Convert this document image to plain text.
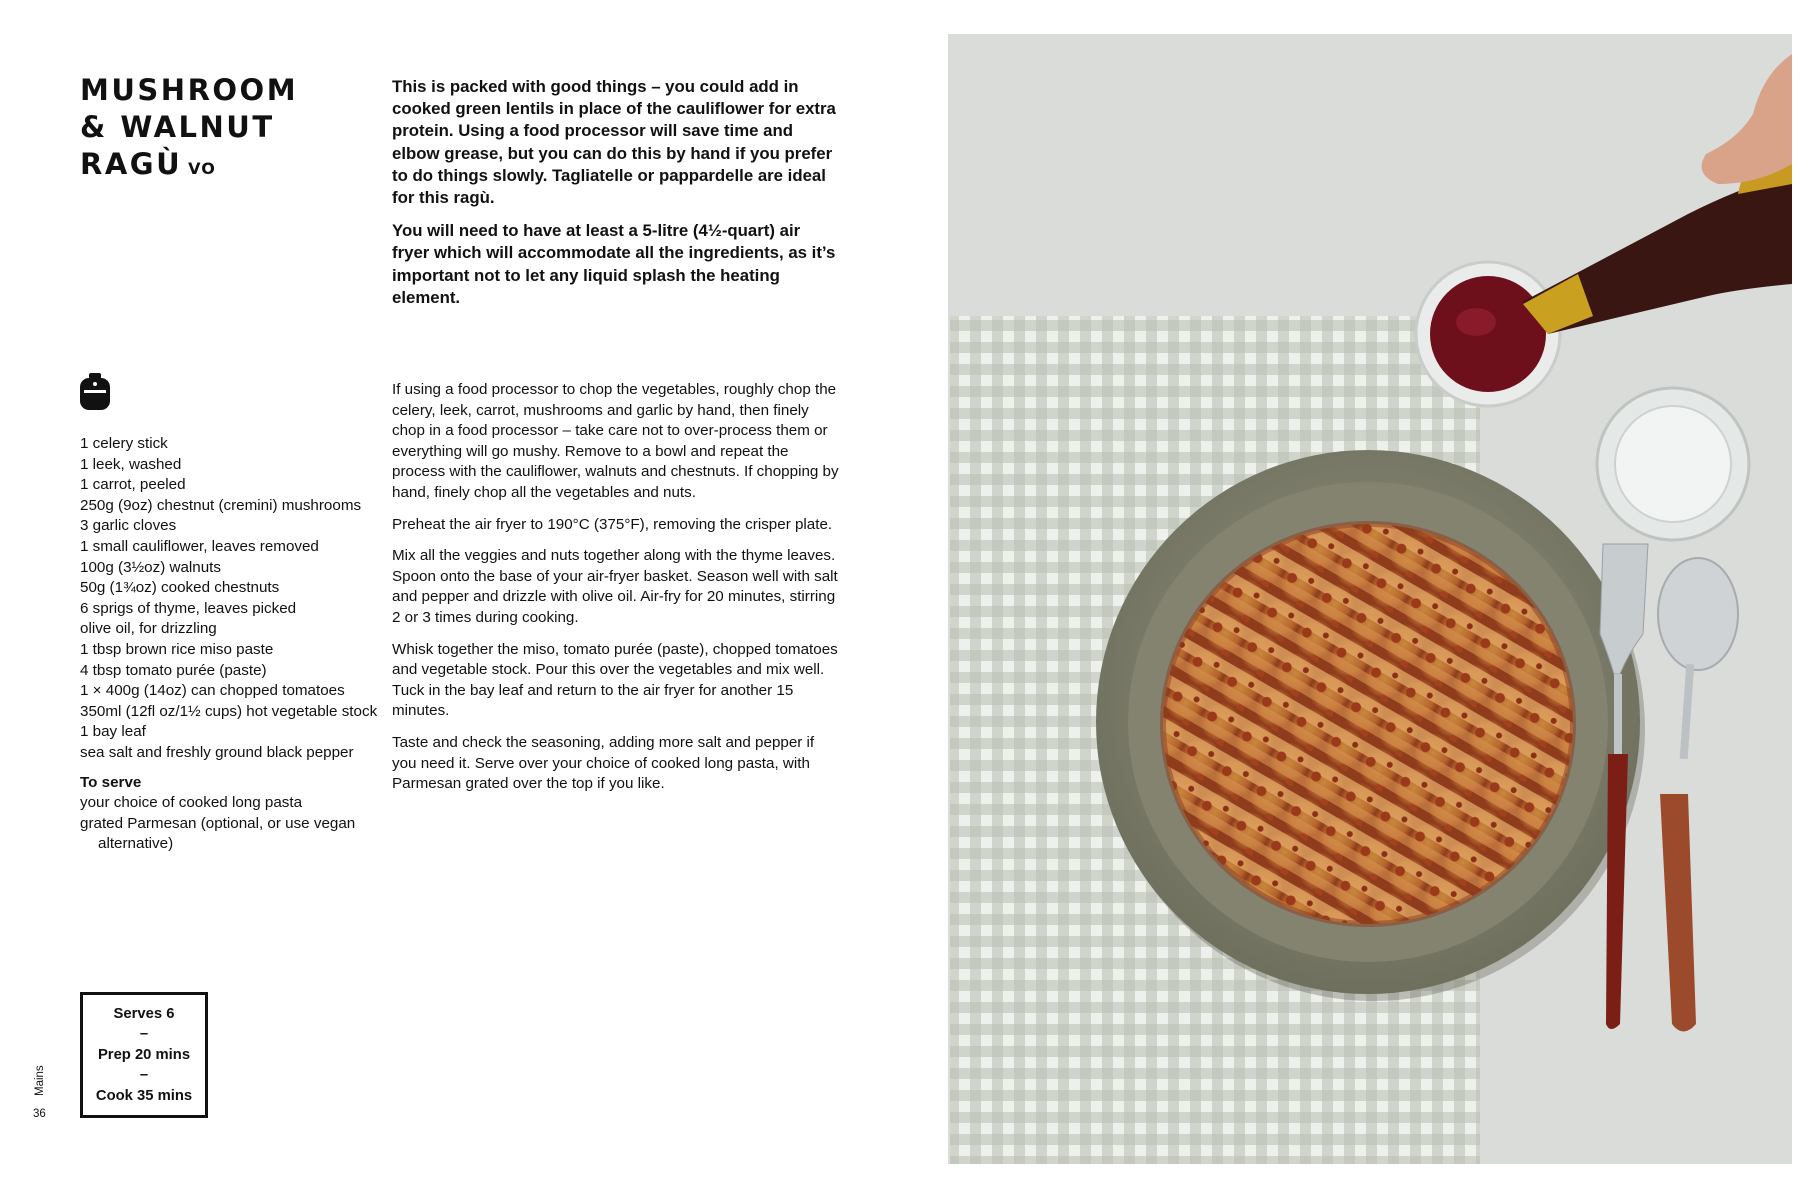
MUSHROOM
& WALNUT
RAGÙ VO

This is packed with good things – you could add in cooked green lentils in place of the cauliflower for extra protein. Using a food processor will save time and elbow grease, but you can do this by hand if you prefer to do things slowly. Tagliatelle or pappardelle are ideal for this ragù.

You will need to have at least a 5-litre (4½-quart) air fryer which will accommodate all the ingredients, as it’s important not to let any liquid splash the heating element.

1 celery stick
1 leek, washed
1 carrot, peeled
250g (9oz) chestnut (cremini) mushrooms
3 garlic cloves
1 small cauliflower, leaves removed
100g (3½oz) walnuts
50g (1¾oz) cooked chestnuts
6 sprigs of thyme, leaves picked
olive oil, for drizzling
1 tbsp brown rice miso paste
4 tbsp tomato purée (paste)
1 × 400g (14oz) can chopped tomatoes
350ml (12fl oz/1½ cups) hot vegetable stock
1 bay leaf
sea salt and freshly ground black pepper
To serve
your choice of cooked long pasta
grated Parmesan (optional, or use vegan alternative)

If using a food processor to chop the vegetables, roughly chop the celery, leek, carrot, mushrooms and garlic by hand, then finely chop in a food processor – take care not to over-process them or everything will go mushy. Remove to a bowl and repeat the process with the cauliflower, walnuts and chestnuts. If chopping by hand, finely chop all the vegetables and nuts.

Preheat the air fryer to 190°C (375°F), removing the crisper plate.

Mix all the veggies and nuts together along with the thyme leaves. Spoon onto the base of your air-fryer basket. Season well with salt and pepper and drizzle with olive oil. Air-fry for 20 minutes, stirring 2 or 3 times during cooking.

Whisk together the miso, tomato purée (paste), chopped tomatoes and vegetable stock. Pour this over the vegetables and mix well. Tuck in the bay leaf and return to the air fryer for another 15 minutes.

Taste and check the seasoning, adding more salt and pepper if you need it. Serve over your choice of cooked long pasta, with Parmesan grated over the top if you like.

Serves 6
–
Prep 20 mins
–
Cook 35 mins
Mains
36
